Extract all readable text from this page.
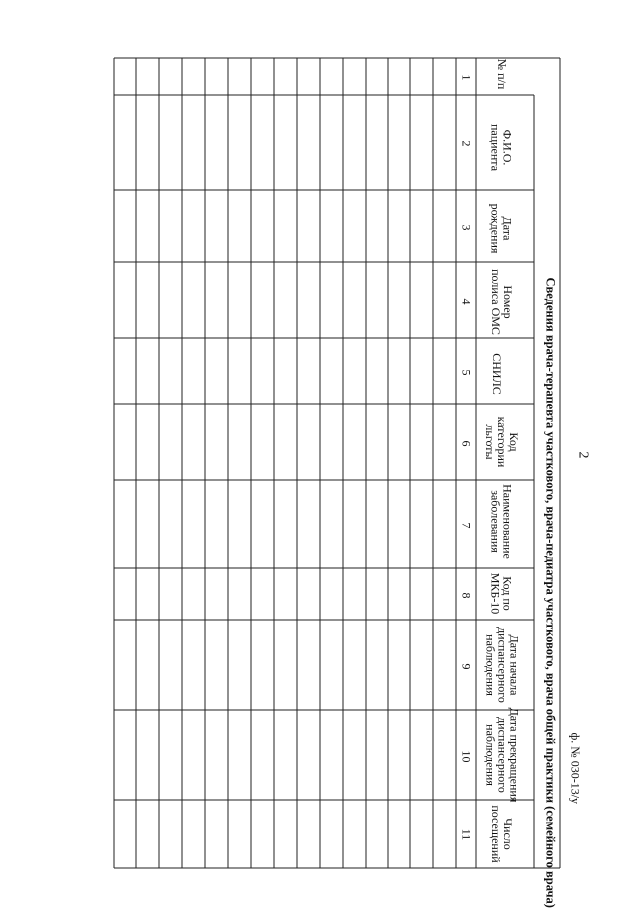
2
ф. № 030-13/у
Сведения врача-терапевта участкового, врача-педиатра участкового, врача общей практики (семейного врача)
№ п/п
Ф.И.О. пациента
Дата рождения
Номер полиса ОМС
СНИЛС
Код категории льготы
Наименование заболевания
Код по МКБ-10
Дата начала диспансерного наблюдения
Дата прекращения диспансерного наблюдения
Число посещений
1
2
3
4
5
6
7
8
9
10
11
